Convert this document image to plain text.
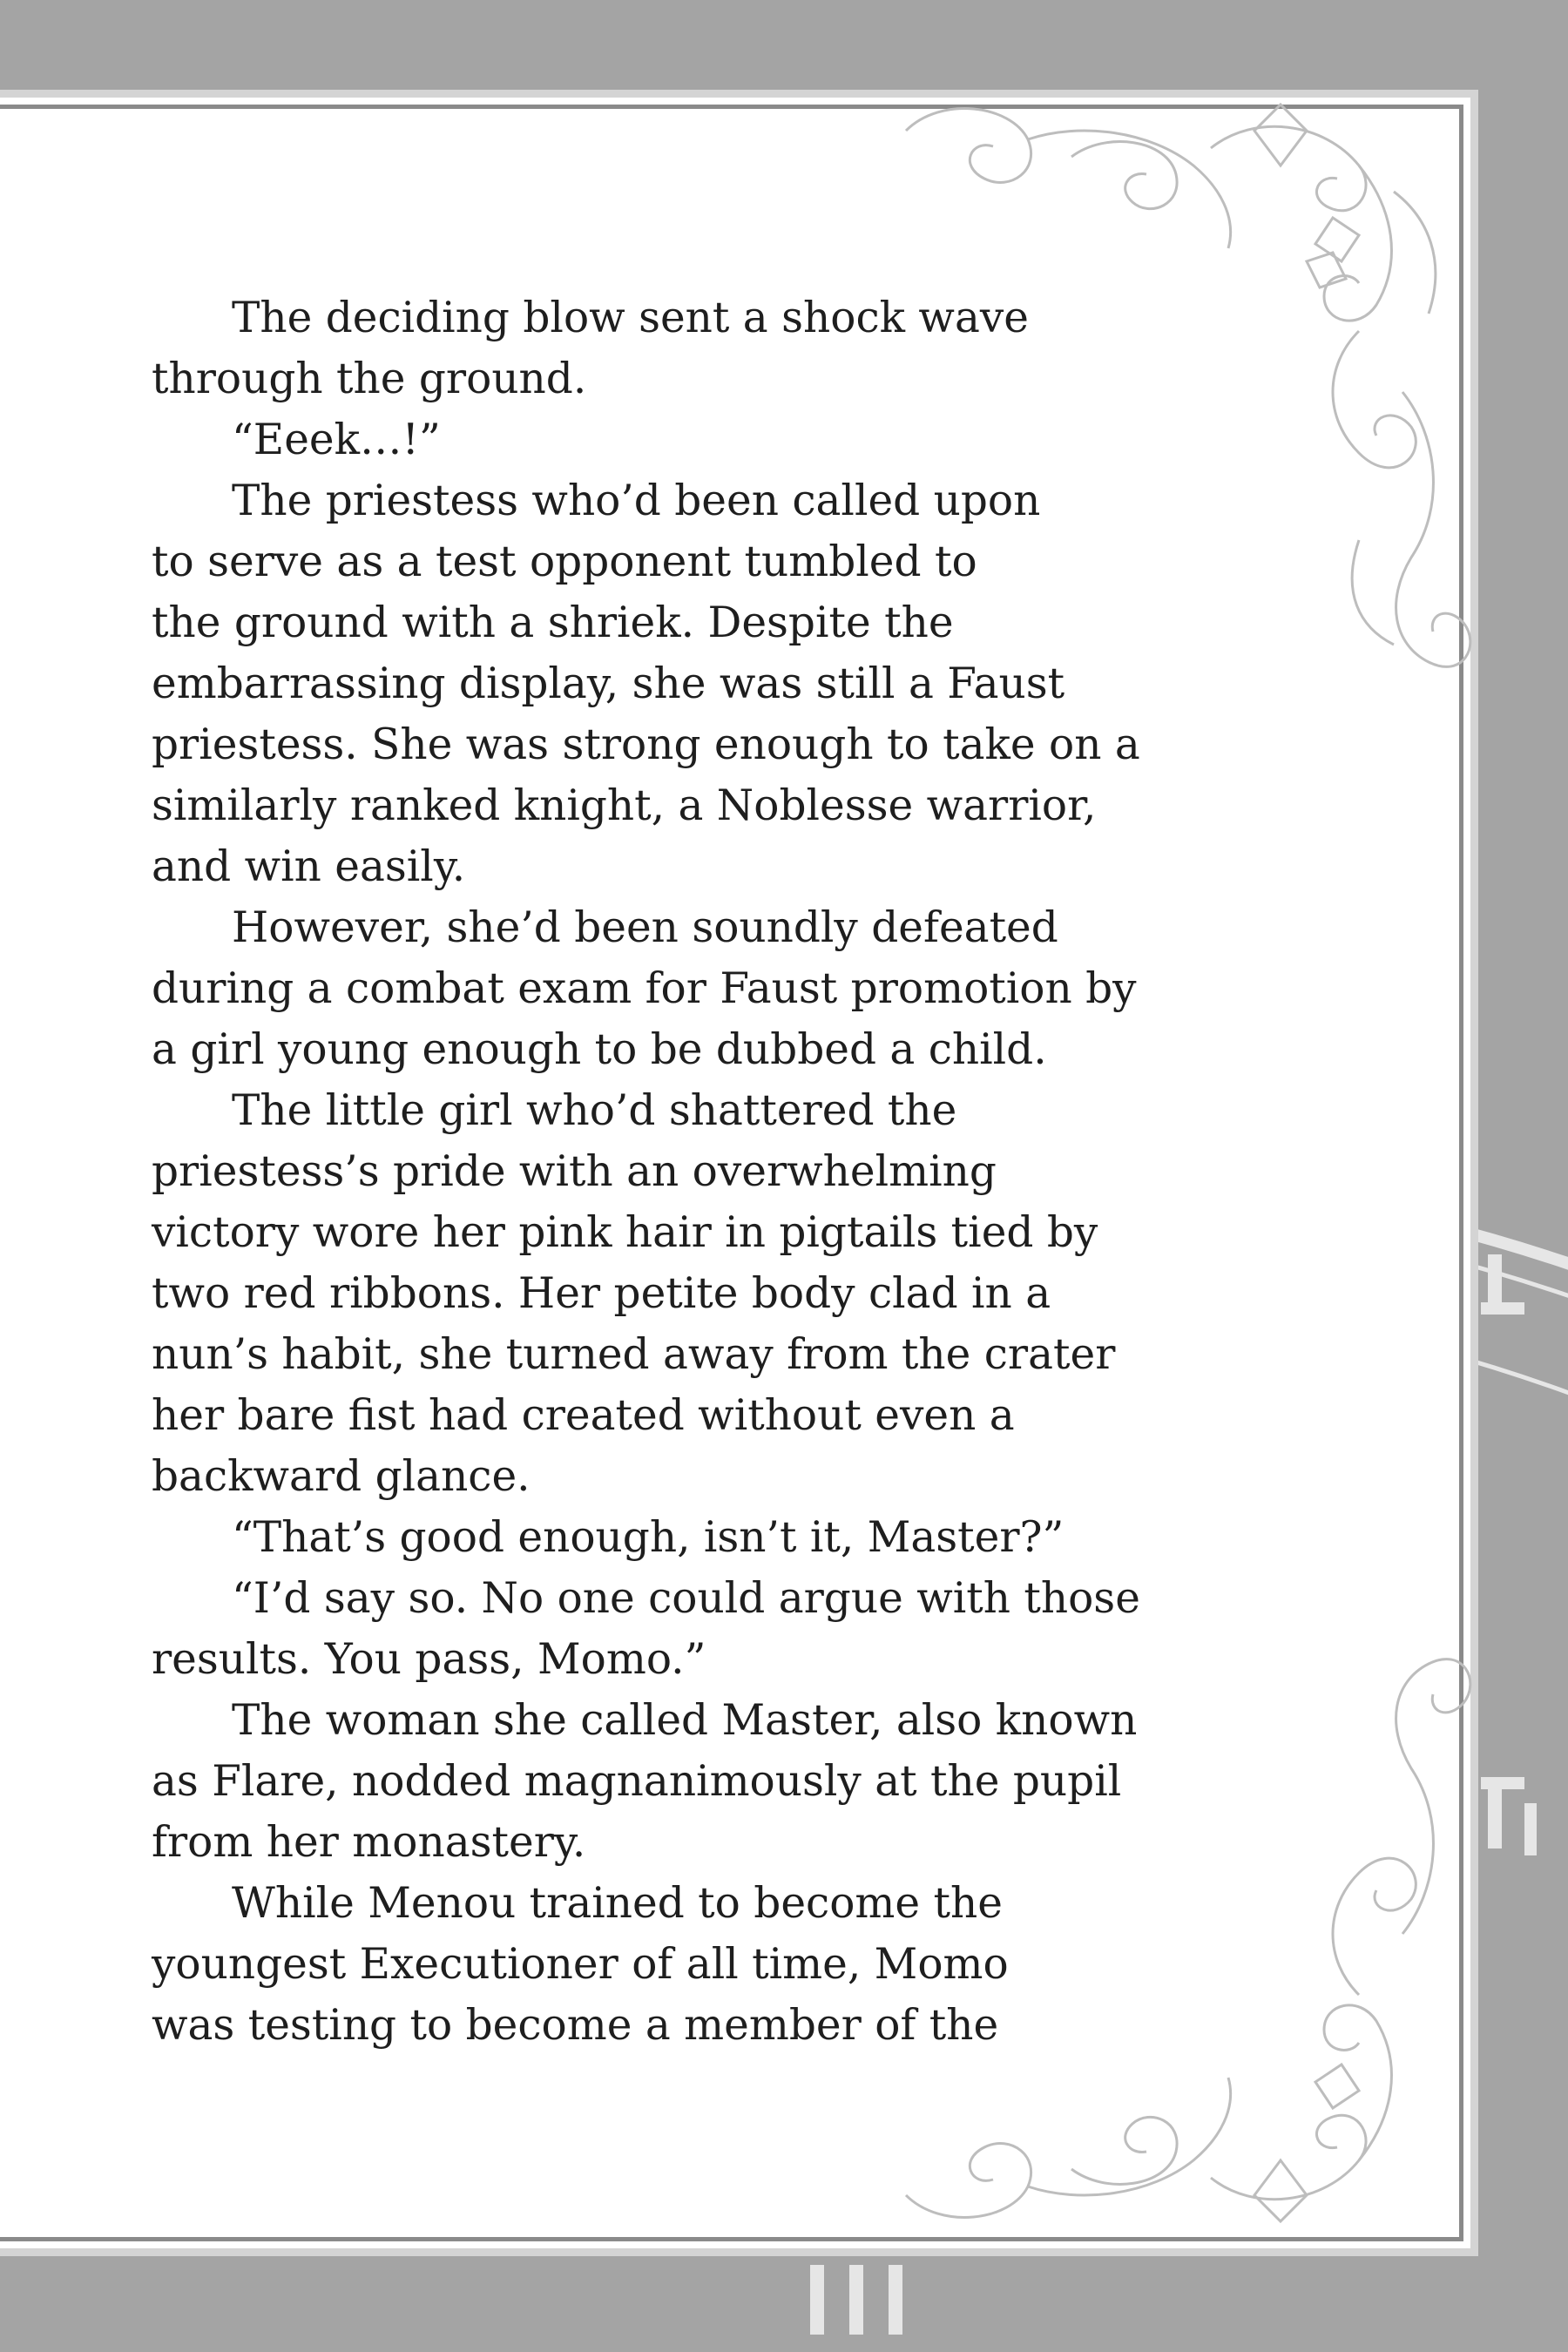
The deciding blow sent a shock wave

through the ground.

“Eeek…!”

The priestess who’d been called upon

to serve as a test opponent tumbled to

the ground with a shriek. Despite the

embarrassing display, she was still a Faust

priestess. She was strong enough to take on a

similarly ranked knight, a Noblesse warrior,

and win easily.

However, she’d been soundly defeated

during a combat exam for Faust promotion by

a girl young enough to be dubbed a child.

The little girl who’d shattered the

priestess’s pride with an overwhelming

victory wore her pink hair in pigtails tied by

two red ribbons. Her petite body clad in a

nun’s habit, she turned away from the crater

her bare fist had created without even a

backward glance.

“That’s good enough, isn’t it, Master?”

“I’d say so. No one could argue with those

results. You pass, Momo.”

The woman she called Master, also known

as Flare, nodded magnanimously at the pupil

from her monastery.

While Menou trained to become the

youngest Executioner of all time, Momo

was testing to become a member of the
